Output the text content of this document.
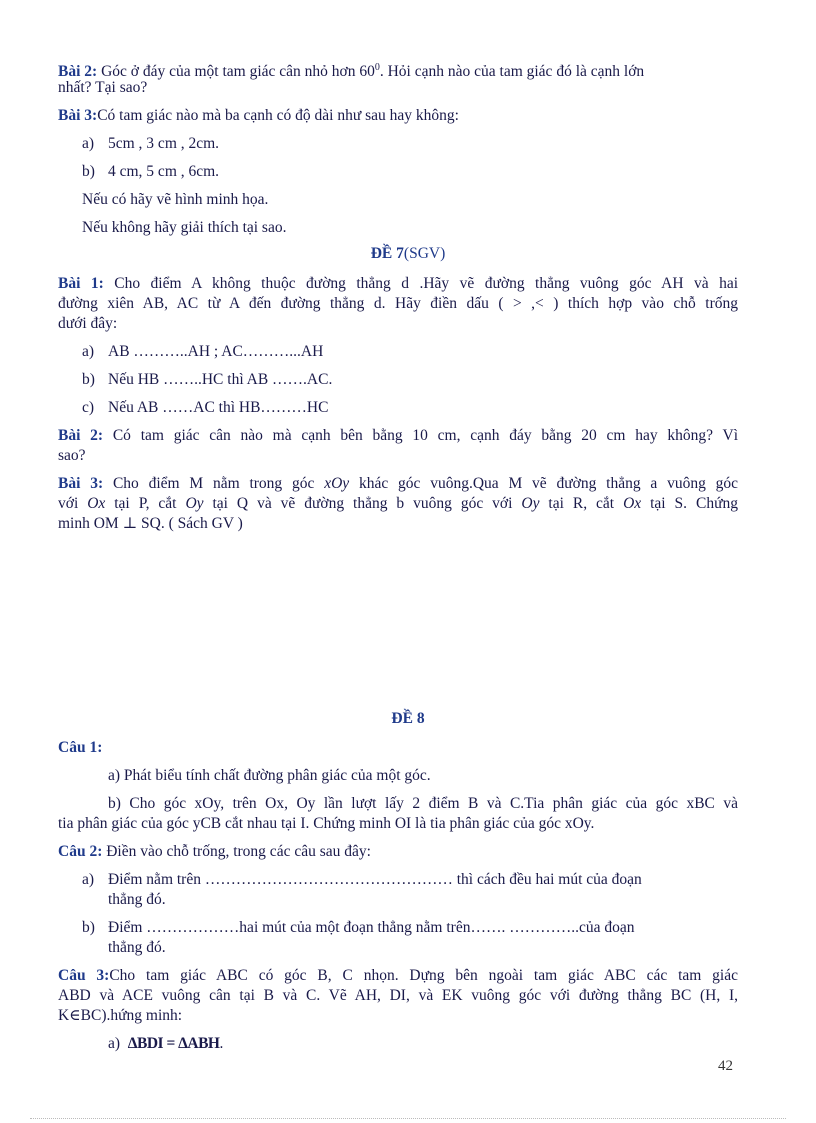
Bài 2: Góc ở đáy của một tam giác cân nhỏ hơn $60^0$. Hỏi cạnh nào của tam giác đó là cạnh lớn
nhất? Tại sao?
Bài 3:Có tam giác nào mà ba cạnh có độ dài như sau hay không:
a) 5cm , 3 cm , 2cm.
b) 4 cm, 5 cm , 6cm.
Nếu có hãy vẽ hình minh họa.
Nếu không hãy giải thích tại sao.
ĐỀ 7(SGV)
Bài 1: Cho điểm A không thuộc đường thẳng d .Hãy vẽ đường thẳng vuông góc AH và hai
đường xiên AB, AC từ A đến đường thẳng d. Hãy điền dấu ( > ,< ) thích hợp vào chỗ trống
dưới đây:
a) AB ………..AH ; AC………...AH
b) Nếu HB ……..HC thì AB …….AC.
c) Nếu AB ……AC thì HB………HC
Bài 2: Có tam giác cân nào mà cạnh bên bằng 10 cm, cạnh đáy bằng 20 cm hay không? Vì
sao?
Bài 3: Cho điểm M nằm trong góc xOy khác góc vuông.Qua M vẽ đường thẳng a vuông góc
với Ox tại P, cắt Oy tại Q và vẽ đường thẳng b vuông góc với Oy tại R, cắt Ox tại S. Chứng
minh OM ⊥ SQ. ( Sách GV )
ĐỀ 8
Câu 1:
a) Phát biểu tính chất đường phân giác của một góc.
b) Cho góc xOy, trên Ox, Oy lần lượt lấy 2 điểm B và C.Tia phân giác của góc xBC và
tia phân giác của góc yCB cắt nhau tại I. Chứng minh OI là tia phân giác của góc xOy.
Câu 2: Điền vào chỗ trống, trong các câu sau đây:
a) Điểm nằm trên ………………………………………… thì cách đều hai mút của đoạn
thẳng đó.
b) Điểm ………………hai mút của một đoạn thẳng nằm trên……. …………..của đoạn
thẳng đó.
Câu 3:Cho tam giác ABC có góc B, C nhọn. Dựng bên ngoài tam giác ABC các tam giác
ABD và ACE vuông cân tại B và C. Vẽ AH, DI, và EK vuông góc với đường thẳng BC (H, I,
K∈BC).hứng minh:
a) ΔBDI = ΔABH.
42
